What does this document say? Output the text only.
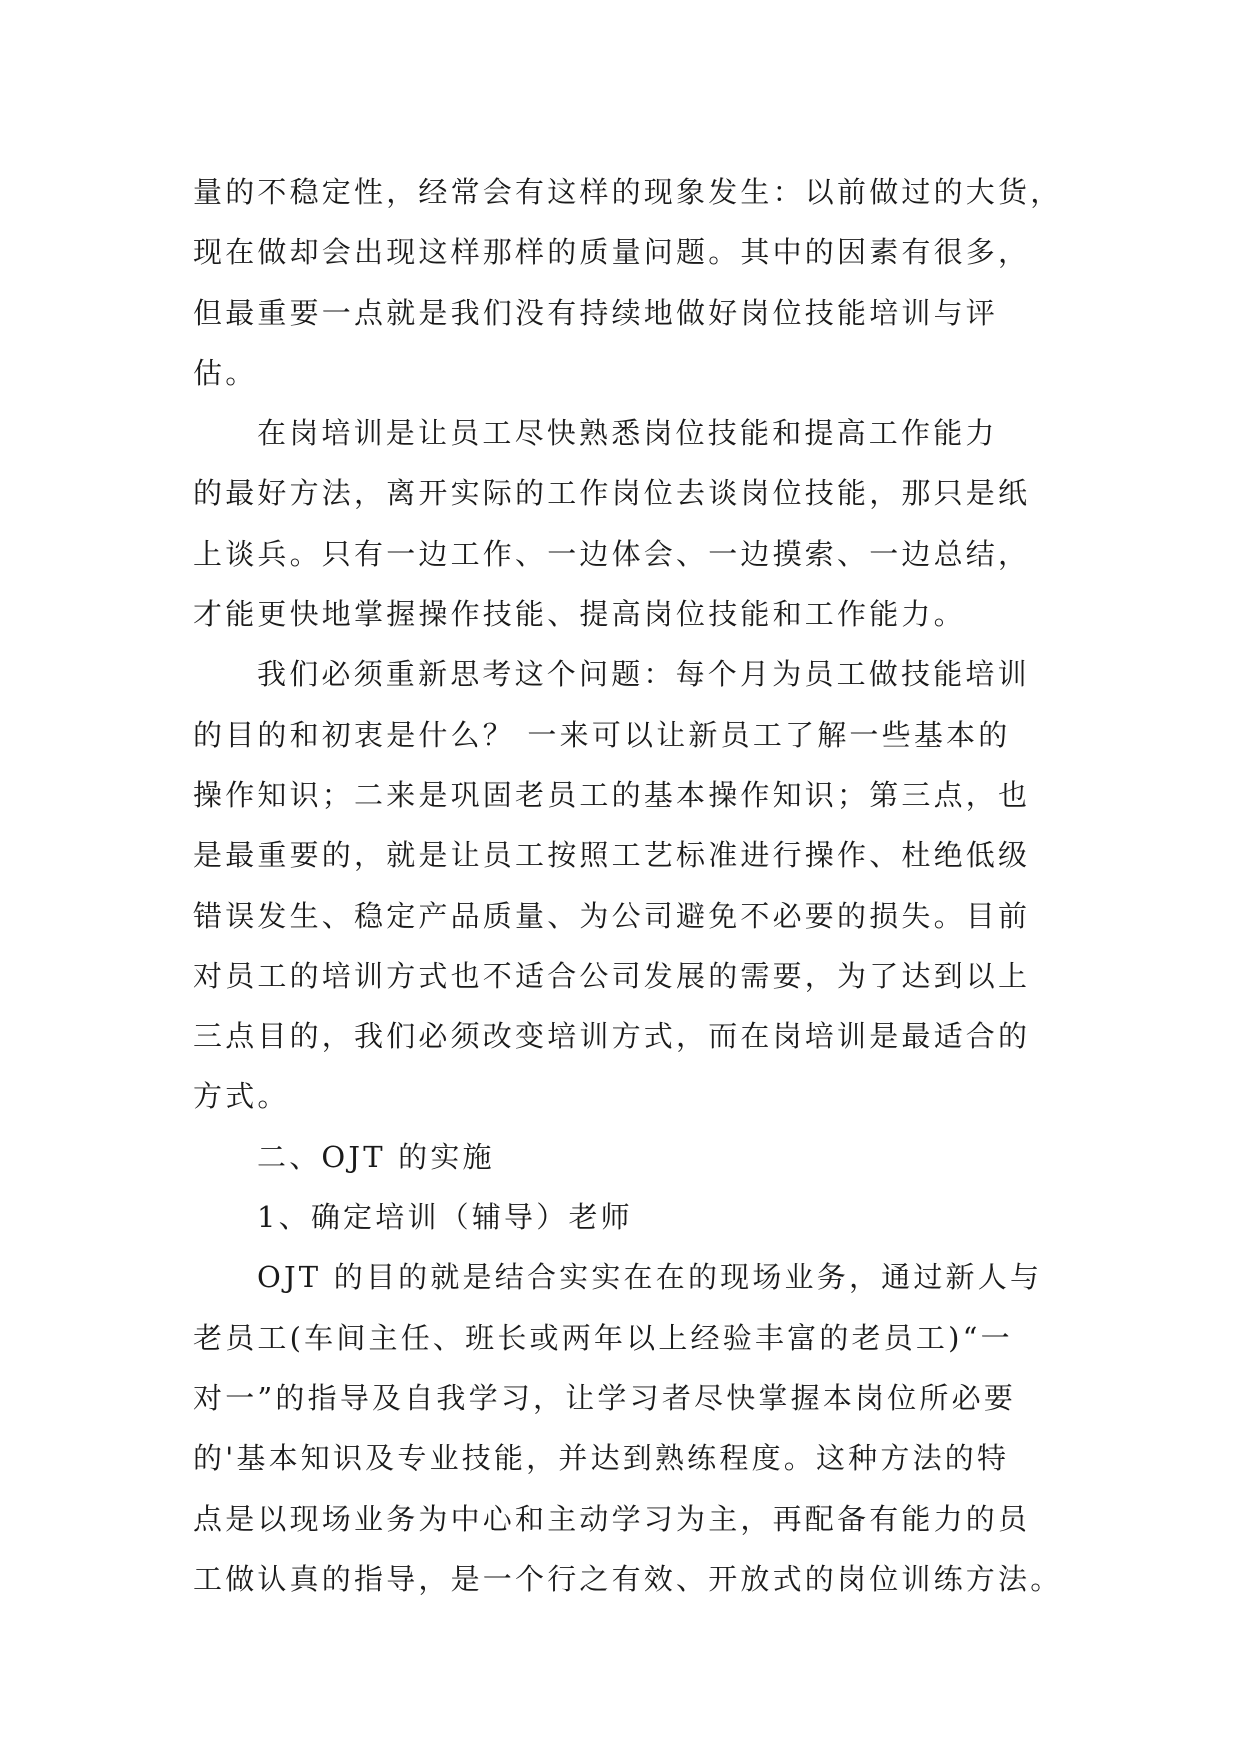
量的不稳定性，经常会有这样的现象发生：以前做过的大货，
现在做却会出现这样那样的质量问题。其中的因素有很多，
但最重要一点就是我们没有持续地做好岗位技能培训与评
估。
在岗培训是让员工尽快熟悉岗位技能和提高工作能力
的最好方法，离开实际的工作岗位去谈岗位技能，那只是纸
上谈兵。只有一边工作、一边体会、一边摸索、一边总结，
才能更快地掌握操作技能、提高岗位技能和工作能力。
我们必须重新思考这个问题：每个月为员工做技能培训
的目的和初衷是什么？ 一来可以让新员工了解一些基本的
操作知识；二来是巩固老员工的基本操作知识；第三点，也
是最重要的，就是让员工按照工艺标准进行操作、杜绝低级
错误发生、稳定产品质量、为公司避免不必要的损失。目前
对员工的培训方式也不适合公司发展的需要，为了达到以上
三点目的，我们必须改变培训方式，而在岗培训是最适合的
方式。
二、OJT 的实施
1、确定培训（辅导）老师
OJT 的目的就是结合实实在在的现场业务，通过新人与
老员工(车间主任、班长或两年以上经验丰富的老员工)“一
对一”的指导及自我学习，让学习者尽快掌握本岗位所必要
的'基本知识及专业技能，并达到熟练程度。这种方法的特
点是以现场业务为中心和主动学习为主，再配备有能力的员
工做认真的指导，是一个行之有效、开放式的岗位训练方法。
